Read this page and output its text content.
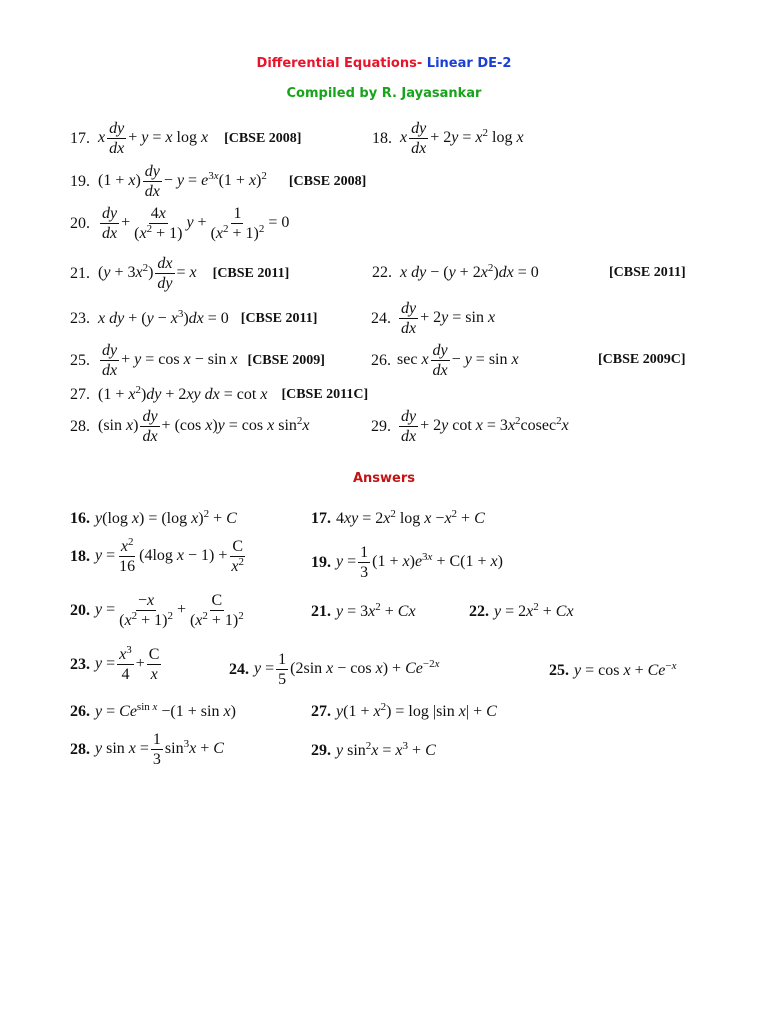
Differential Equations- Linear DE-2
Compiled by R. Jayasankar
17. x $\frac{dy}{dx} + y = x$ log x [CBSE 2008]	18. x $\frac{dy}{dx} + 2y = x^2$ log x
19. $(1 + x) \frac{dy}{dx} - y = e^{3x}(1 + x)^2$ [CBSE 2008]
20. $\frac{dy}{dx} + \frac{4x}{(x^2 + 1)}$ $y + \frac{1}{(x^2 + 1)^2} = 0$
21. $(y + 3x^2) \frac{dx}{dy} = x$ [CBSE 2011]	22. x dy − $(y + 2x^2)dx = 0$	[CBSE 2011]
23. x dy + $(y - x^3)dx = 0$ [CBSE 2011]	24. $\frac{dy}{dx} + 2y = \sin x$
25. $\frac{dy}{dx} + y = \cos x - \sin x$ [CBSE 2009]	26. sec x $\frac{dy}{dx} - y = \sin x$	[CBSE 2009C]
27. $(1 + x^2)dy + 2xy$ dx = cot x [CBSE 2011C]
28. (sin $x) \frac{dy}{dx} + (\cos$ x)y = cos x $\sin^2x$	29. $\frac{dy}{dx} + 2y$ $\cot x = 3x^2cosec^2x$
Answers
16. y(log x) = (log x)$^2$ + C	17. $4xy = 2x^2$ $\log x -x^2 + C$
18. $y = \frac{x^2}{16} (4\log$ $x - 1) + \frac{C}{x^2}$	19. $y = \frac{1}{3} (1 + x)e^{3x} + C(1 + x)$
20. $y = \frac{-x}{(x^2 + 1)^2} + \frac{C}{(x^2 + 1)^2}$	21. $y = 3x^2 + Cx$	22. $y = 2x^2 + Cx$
23. $y = \frac{x^3}{4} + \frac{C}{x}$	24. $y = \frac{1}{5} (2\sin$ $x - \cos x) + Ce^{-2x}$	25. $y = \cos x + Ce^{-x}$
26. $y = Ce^{sin x} -(1 + \sin x)$	27. $y(1 + x^2) = \log |\sin$ x| + C
28. y $\sin x = \frac{1}{3} \sin^3x + C$	29. y $\sin^2x = x^3 + C$
